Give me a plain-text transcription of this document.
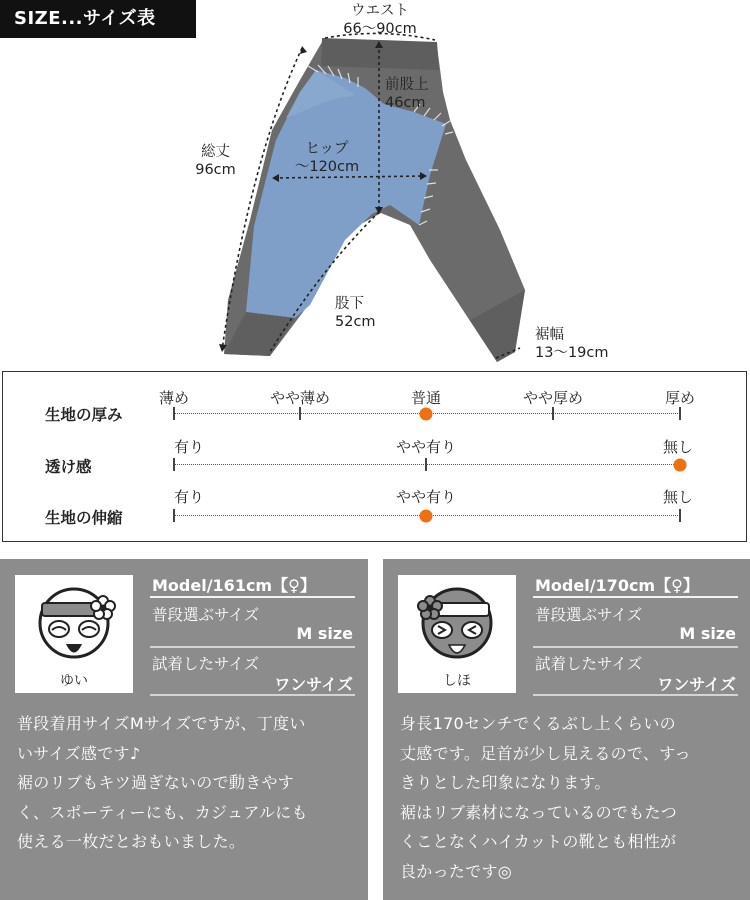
SIZE...サイズ表	ウエスト
66〜90cm
前股上
46cm
ヒップ
〜120cm
総丈
96cm
股下
52cm
裾幅
13〜19cm
生地の厚み
薄め	やや薄め	普通	やや厚め	厚め
透け感
有り	やや有り	無し
生地の伸縮
有り	やや有り	無し
ゆい
Model/161cm【♀】
普段選ぶサイズ
M size
試着したサイズ
ワンサイズ
普段着用サイズMサイズですが、丁度い
いサイズ感です♪
裾のリブもキツ過ぎないので動きやす
く、スポーティーにも、カジュアルにも
使える一枚だとおもいました。
しほ
Model/170cm【♀】
普段選ぶサイズ
M size
試着したサイズ
ワンサイズ
身長170センチでくるぶし上くらいの
丈感です。足首が少し見えるので、すっ
きりとした印象になります。
裾はリブ素材になっているのでもたつ
くことなくハイカットの靴とも相性が
良かったです◎
